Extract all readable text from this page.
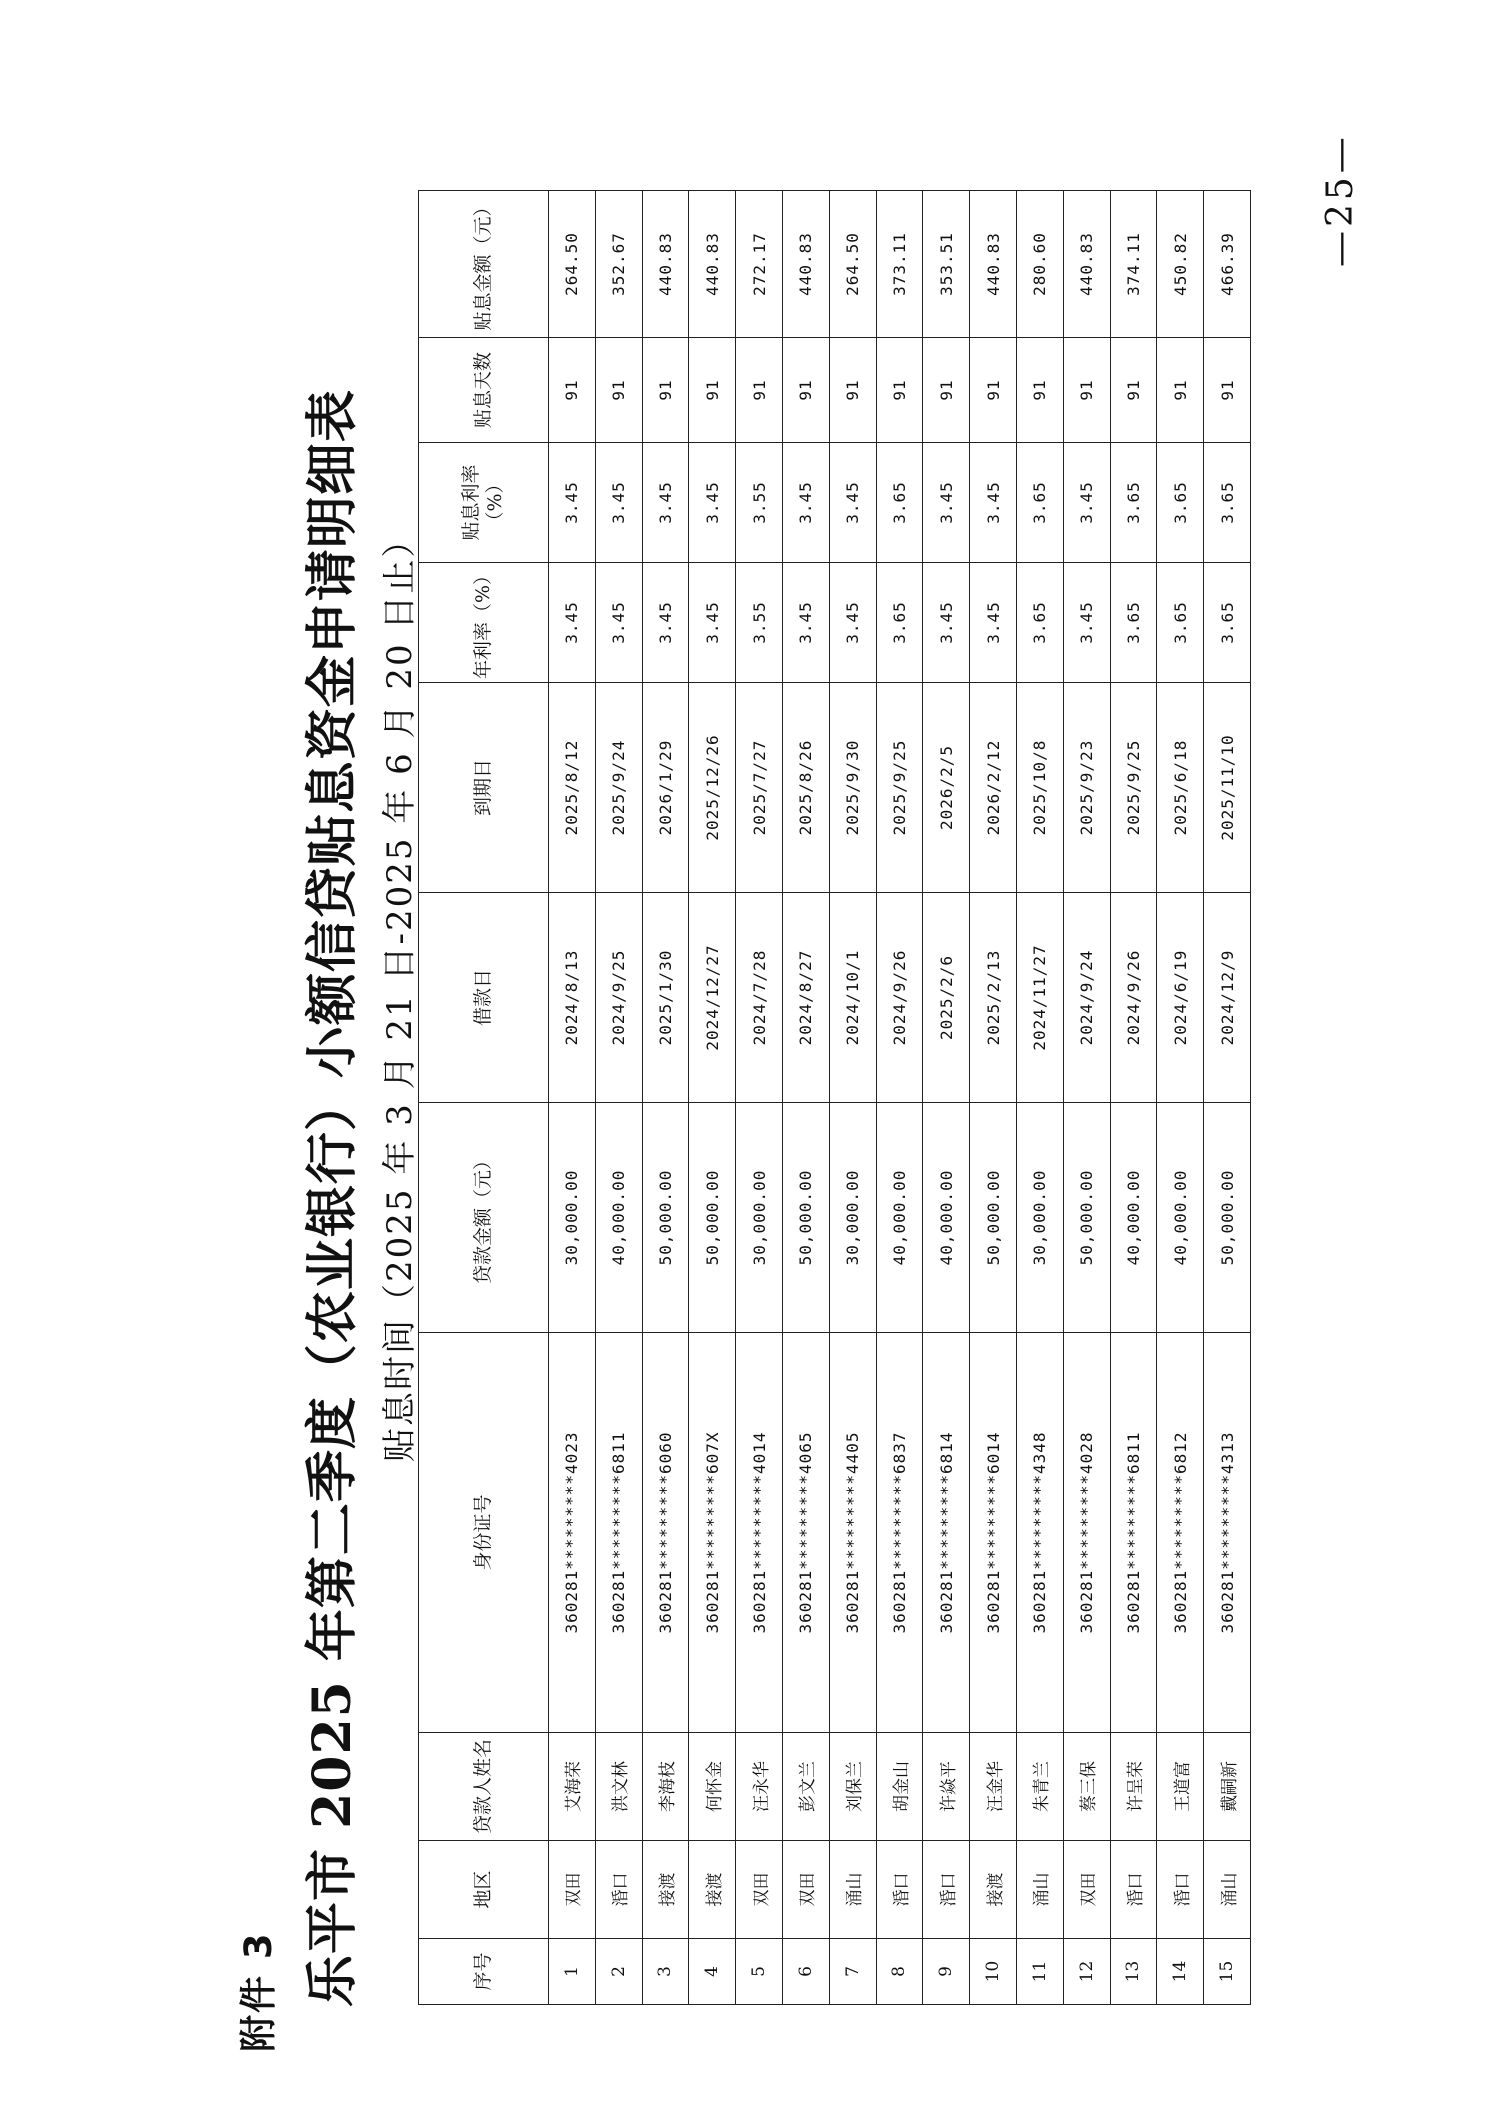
附件 3 乐平市 2025 年第二季度（农业银行）小额信贷贴息资金申请明细表 贴息时间（2025 年 3 月 21 日-2025 年 6 月 20 日止）
序号	地区	贷款人姓名	身份证号	贷款金额（元）	借款日	到期日	年利率（%）	贴息利率（%）	贴息天数	贴息金额（元）
1	双田	艾海荣	360281*********4023	30,000.00	2024/8/13	2025/8/12	3.45	3.45	91	264.50
2	涽口	洪文林	360281*********6811	40,000.00	2024/9/25	2025/9/24	3.45	3.45	91	352.67
3	接渡	李海枝	360281*********6060	50,000.00	2025/1/30	2026/1/29	3.45	3.45	91	440.83
4	接渡	何怀金	360281*********607X	50,000.00	2024/12/27	2025/12/26	3.45	3.45	91	440.83
5	双田	汪永华	360281*********4014	30,000.00	2024/7/28	2025/7/27	3.55	3.55	91	272.17
6	双田	彭文兰	360281*********4065	50,000.00	2024/8/27	2025/8/26	3.45	3.45	91	440.83
7	涌山	刘保兰	360281*********4405	30,000.00	2024/10/1	2025/9/30	3.45	3.45	91	264.50
8	涽口	胡金山	360281*********6837	40,000.00	2024/9/26	2025/9/25	3.65	3.65	91	373.11
9	涽口	许焱平	360281*********6814	40,000.00	2025/2/6	2026/2/5	3.45	3.45	91	353.51
10	接渡	汪金华	360281*********6014	50,000.00	2025/2/13	2026/2/12	3.45	3.45	91	440.83
11	涌山	朱青兰	360281*********4348	30,000.00	2024/11/27	2025/10/8	3.65	3.65	91	280.60
12	双田	蔡三保	360281*********4028	50,000.00	2024/9/24	2025/9/23	3.45	3.45	91	440.83
13	涽口	许呈荣	360281*********6811	40,000.00	2024/9/26	2025/9/25	3.65	3.65	91	374.11
14	涽口	王道富	360281*********6812	40,000.00	2024/6/19	2025/6/18	3.65	3.65	91	450.82
15	涌山	戴嗣新	360281*********4313	50,000.00	2024/12/9	2025/11/10	3.65	3.65	91	466.39 —25—
